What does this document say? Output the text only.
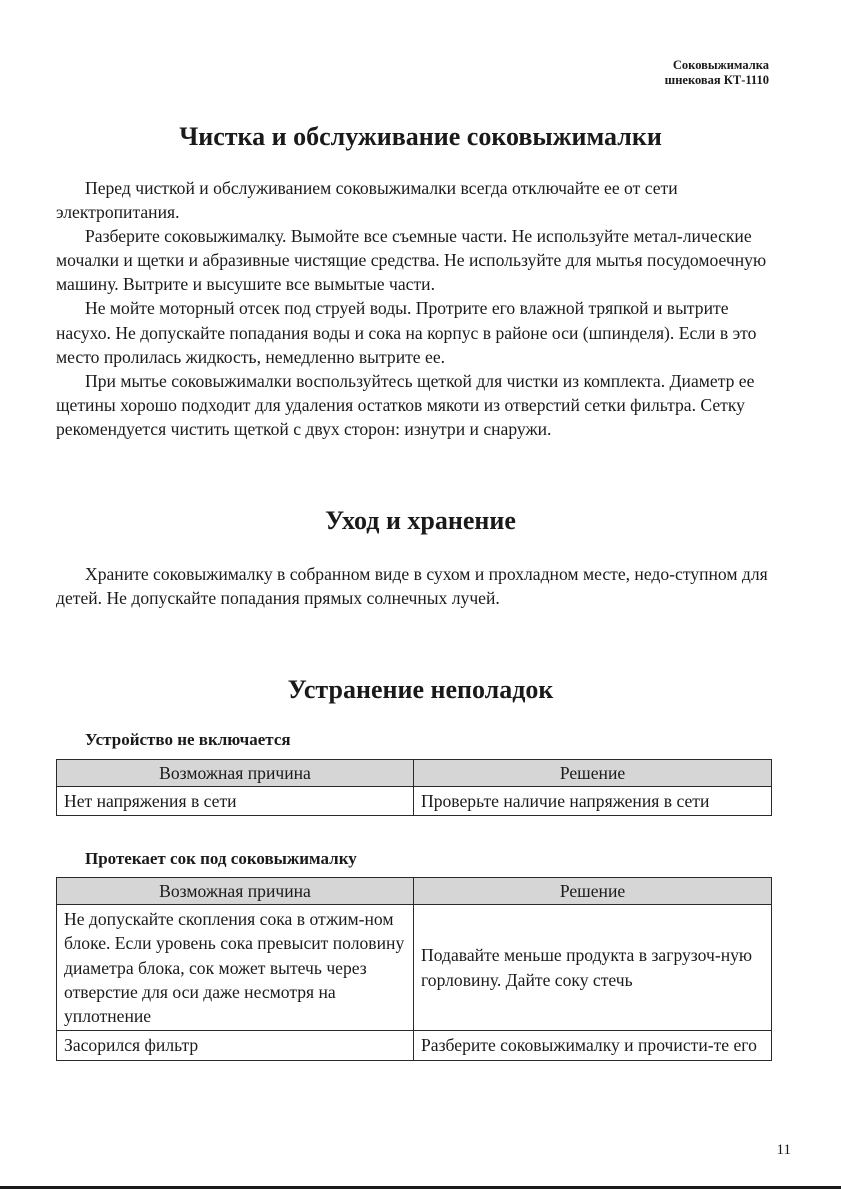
Соковыжималка
шнековая КТ-1110
Чистка и обслуживание соковыжималки

Перед чисткой и обслуживанием соковыжималки всегда отключайте ее от сети электропитания.

Разберите соковыжималку. Вымойте все съемные части. Не используйте метал-лические мочалки и щетки и абразивные чистящие средства. Не используйте для мытья посудомоечную машину. Вытрите и высушите все вымытые части.

Не мойте моторный отсек под струей воды. Протрите его влажной тряпкой и вытрите насухо. Не допускайте попадания воды и сока на корпус в районе оси (шпинделя). Если в это место пролилась жидкость, немедленно вытрите ее.

При мытье соковыжималки воспользуйтесь щеткой для чистки из комплекта. Диаметр ее щетины хорошо подходит для удаления остатков мякоти из отверстий сетки фильтра. Сетку рекомендуется чистить щеткой с двух сторон: изнутри и снаружи.

Уход и хранение

Храните соковыжималку в собранном виде в сухом и прохладном месте, недо-ступном для детей. Не допускайте попадания прямых солнечных лучей.

Устранение неполадок
Устройство не включается
Возможная причина	Решение
Нет напряжения в сети	Проверьте наличие напряжения в сети
Протекает сок под соковыжималку
Возможная причина	Решение
Не допускайте скопления сока в отжим-ном блоке. Если уровень сока превысит половину диаметра блока, сок может вытечь через отверстие для оси даже несмотря на уплотнение	Подавайте меньше продукта в загрузоч-ную горловину. Дайте соку стечь
Засорился фильтр	Разберите соковыжималку и прочисти-те его
11
